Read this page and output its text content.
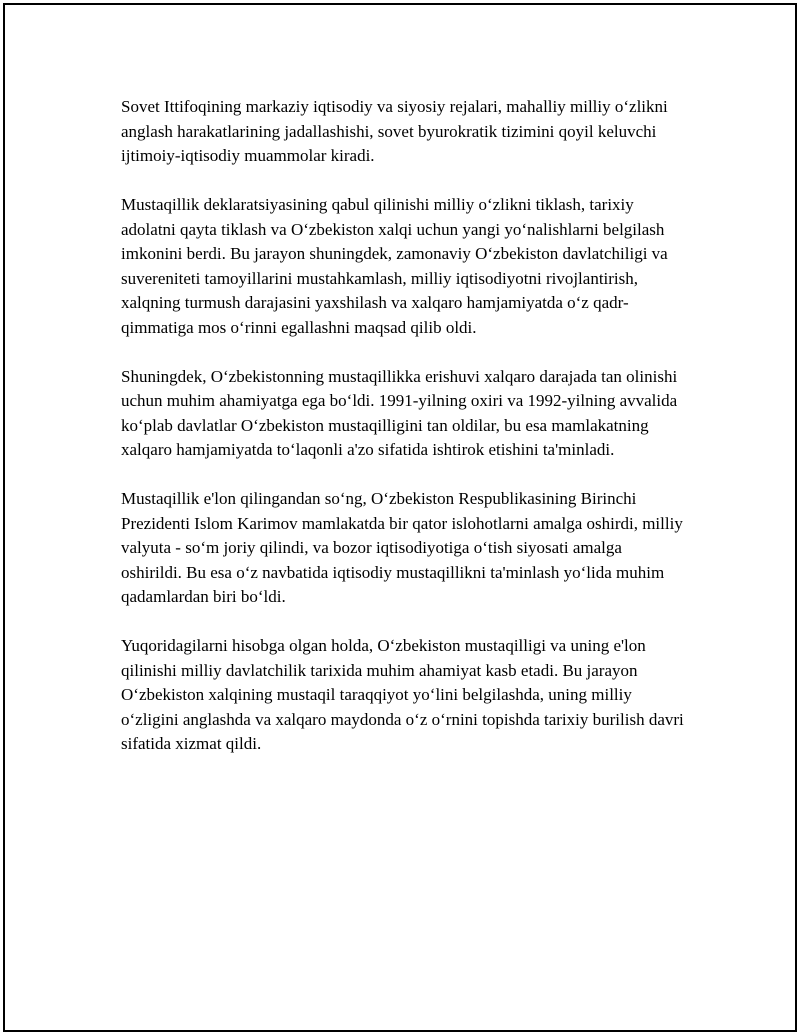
Sovet Ittifoqining markaziy iqtisodiy va siyosiy rejalari, mahalliy milliy o‘zlikni anglash harakatlarining jadallashishi, sovet byurokratik tizimini qoyil keluvchi ijtimoiy-iqtisodiy muammolar kiradi.

Mustaqillik deklaratsiyasining qabul qilinishi milliy o‘zlikni tiklash, tarixiy adolatni qayta tiklash va O‘zbekiston xalqi uchun yangi yo‘nalishlarni belgilash imkonini berdi. Bu jarayon shuningdek, zamonaviy O‘zbekiston davlatchiligi va suvereniteti tamoyillarini mustahkamlash, milliy iqtisodiyotni rivojlantirish, xalqning turmush darajasini yaxshilash va xalqaro hamjamiyatda o‘z qadr-qimmatiga mos o‘rinni egallashni maqsad qilib oldi.

Shuningdek, O‘zbekistonning mustaqillikka erishuvi xalqaro darajada tan olinishi uchun muhim ahamiyatga ega bo‘ldi. 1991-yilning oxiri va 1992-yilning avvalida ko‘plab davlatlar O‘zbekiston mustaqilligini tan oldilar, bu esa mamlakatning xalqaro hamjamiyatda to‘laqonli a'zo sifatida ishtirok etishini ta'minladi.

Mustaqillik e'lon qilingandan so‘ng, O‘zbekiston Respublikasining Birinchi Prezidenti Islom Karimov mamlakatda bir qator islohotlarni amalga oshirdi, milliy valyuta - so‘m joriy qilindi, va bozor iqtisodiyotiga o‘tish siyosati amalga oshirildi. Bu esa o‘z navbatida iqtisodiy mustaqillikni ta'minlash yo‘lida muhim qadamlardan biri bo‘ldi.

Yuqoridagilarni hisobga olgan holda, O‘zbekiston mustaqilligi va uning e'lon qilinishi milliy davlatchilik tarixida muhim ahamiyat kasb etadi. Bu jarayon O‘zbekiston xalqining mustaqil taraqqiyot yo‘lini belgilashda, uning milliy o‘zligini anglashda va xalqaro maydonda o‘z o‘rnini topishda tarixiy burilish davri sifatida xizmat qildi.
